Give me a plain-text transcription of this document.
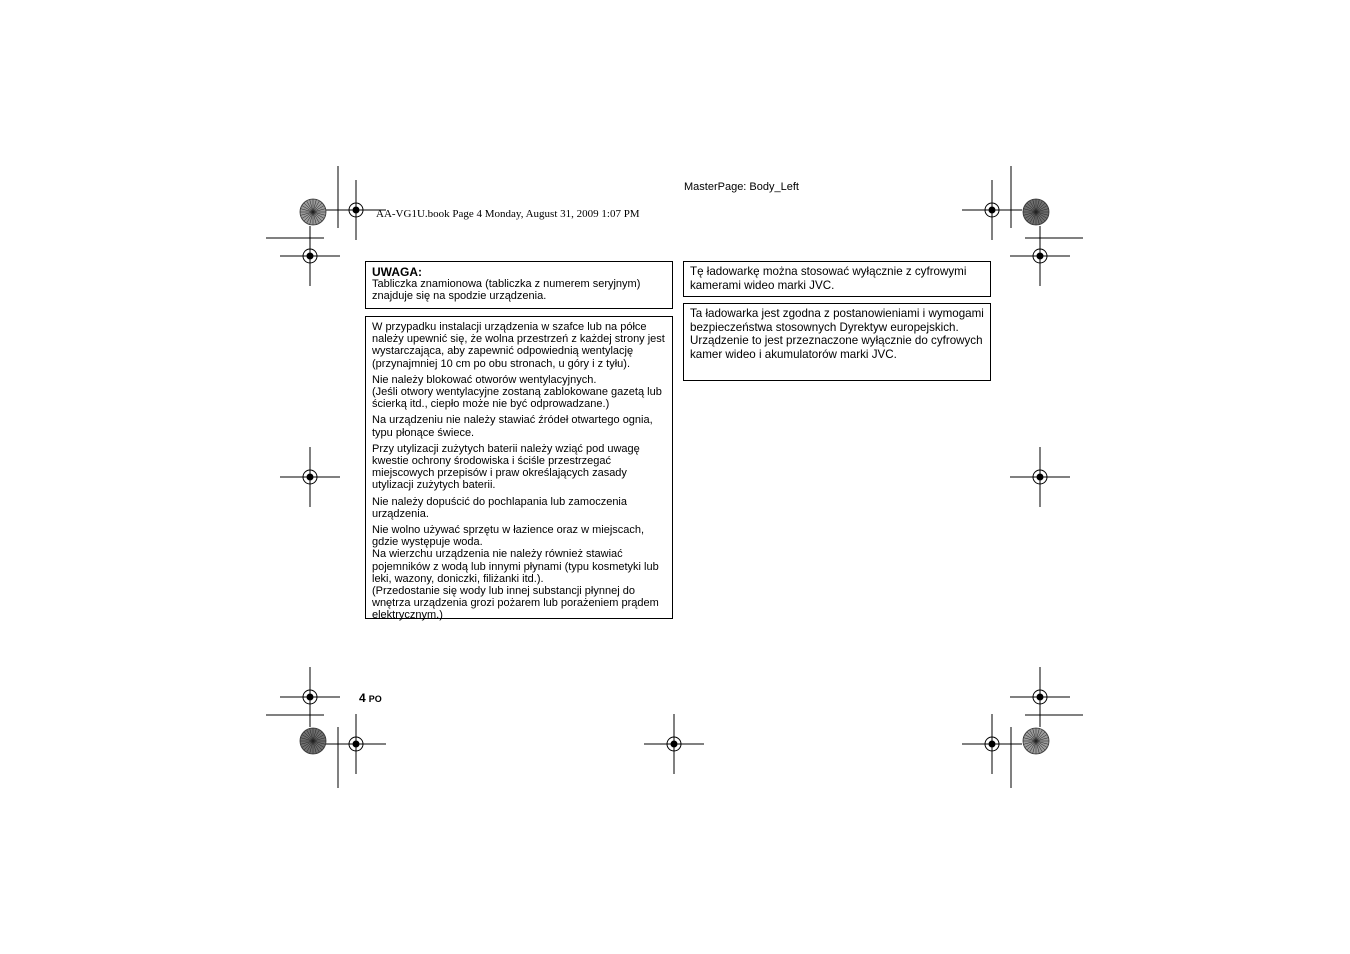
MasterPage: Body_Left
AA-VG1U.book Page 4 Monday, August 31, 2009 1:07 PM
UWAGA:
Tabliczka znamionowa (tabliczka z numerem seryjnym) znajduje się na spodzie urządzenia.

W przypadku instalacji urządzenia w szafce lub na półce należy upewnić się, że wolna przestrzeń z każdej strony jest wystarczająca, aby zapewnić odpowiednią wentylację (przynajmniej 10 cm po obu stronach, u góry i z tyłu).

Nie należy blokować otworów wentylacyjnych.
(Jeśli otwory wentylacyjne zostaną zablokowane gazetą lub ścierką itd., ciepło może nie być odprowadzane.)

Na urządzeniu nie należy stawiać źródeł otwartego ognia, typu płonące świece.

Przy utylizacji zużytych baterii należy wziąć pod uwagę kwestie ochrony środowiska i ściśle przestrzegać miejscowych przepisów i praw określających zasady utylizacji zużytych baterii.

Nie należy dopuścić do pochlapania lub zamoczenia urządzenia.

Nie wolno używać sprzętu w łazience oraz w miejscach, gdzie występuje woda.
Na wierzchu urządzenia nie należy również stawiać pojemników z wodą lub innymi płynami (typu kosmetyki lub leki, wazony, doniczki, filiżanki itd.).
(Przedostanie się wody lub innej substancji płynnej do wnętrza urządzenia grozi pożarem lub porażeniem prądem elektrycznym.)

Tę ładowarkę można stosować wyłącznie z cyfrowymi kamerami wideo marki JVC.
Ta ładowarka jest zgodna z postanowieniami i wymogami bezpieczeństwa stosownych Dyrektyw europejskich.
Urządzenie to jest przeznaczone wyłącznie do cyfrowych kamer wideo i akumulatorów marki JVC.
4 PO
